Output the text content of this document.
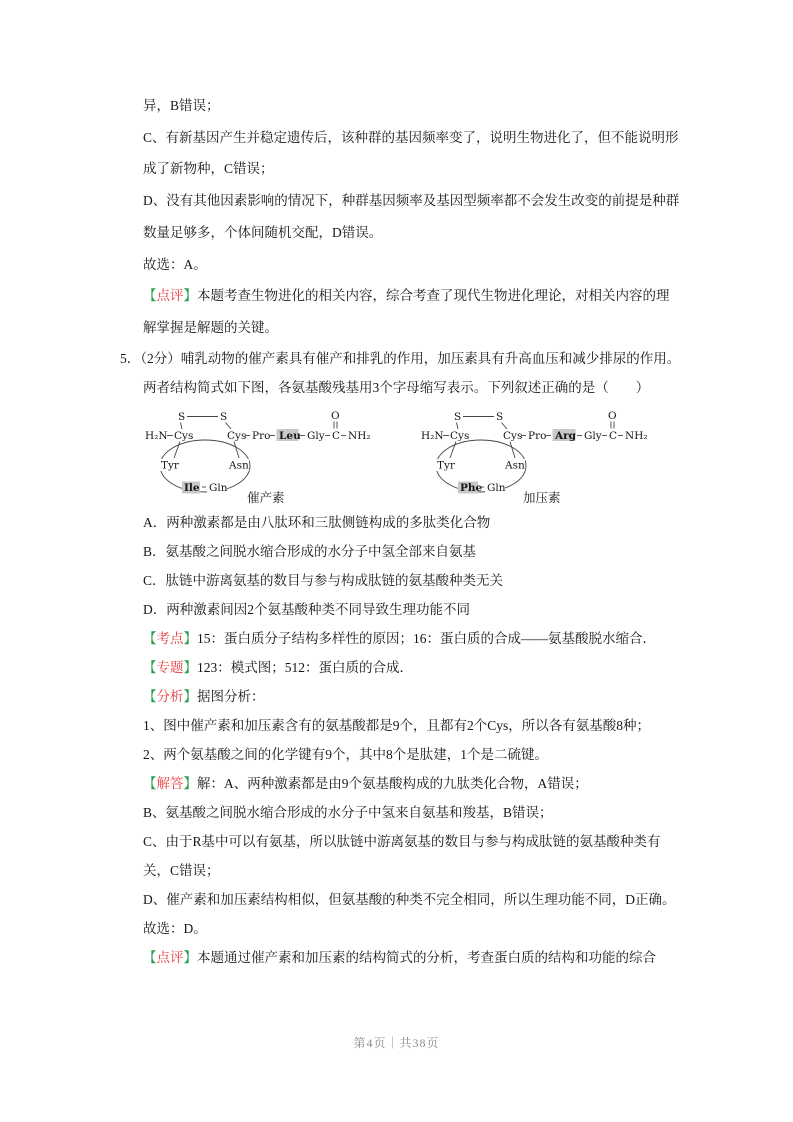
异，B错误；

C、有新基因产生并稳定遗传后，该种群的基因频率变了，说明生物进化了，但不能说明形成了新物种，C错误；

D、没有其他因素影响的情况下，种群基因频率及基因型频率都不会发生改变的前提是种群数量足够多，个体间随机交配，D错误。

故选：A。

【点评】本题考查生物进化的相关内容，综合考查了现代生物进化理论，对相关内容的理解掌握是解题的关键。

5．（2分）哺乳动物的催产素具有催产和排乳的作用，加压素具有升高血压和减少排尿的作用。两者结构简式如下图，各氨基酸残基用3个字母缩写表示。下列叙述正确的是（　　）

H₂N Cys
S	S
Cys Pro Leu Gly C NH₂
O
Tyr	Asn
Ile Gln
催产素
H₂N Cys
S	S
Cys Pro Arg Gly C NH₂
O
Tyr	Asn
Phe Gln
加压素

A．两种激素都是由八肽环和三肽侧链构成的多肽类化合物

B．氨基酸之间脱水缩合形成的水分子中氢全部来自氨基

C．肽链中游离氨基的数目与参与构成肽链的氨基酸种类无关

D．两种激素间因2个氨基酸种类不同导致生理功能不同

【考点】15：蛋白质分子结构多样性的原因；16：蛋白质的合成——氨基酸脱水缩合．

【专题】123：模式图；512：蛋白质的合成．

【分析】据图分析：

1、图中催产素和加压素含有的氨基酸都是9个，且都有2个Cys，所以各有氨基酸8种；

2、两个氨基酸之间的化学键有9个，其中8个是肽建，1个是二硫键。

【解答】解：A、两种激素都是由9个氨基酸构成的九肽类化合物，A错误；

B、氨基酸之间脱水缩合形成的水分子中氢来自氨基和羧基，B错误；

C、由于R基中可以有氨基，所以肽链中游离氨基的数目与参与构成肽链的氨基酸种类有关，C错误；

D、催产素和加压素结构相似，但氨基酸的种类不完全相同，所以生理功能不同，D正确。

故选：D。

【点评】本题通过催产素和加压素的结构简式的分析，考查蛋白质的结构和功能的综合

第4页｜共38页
